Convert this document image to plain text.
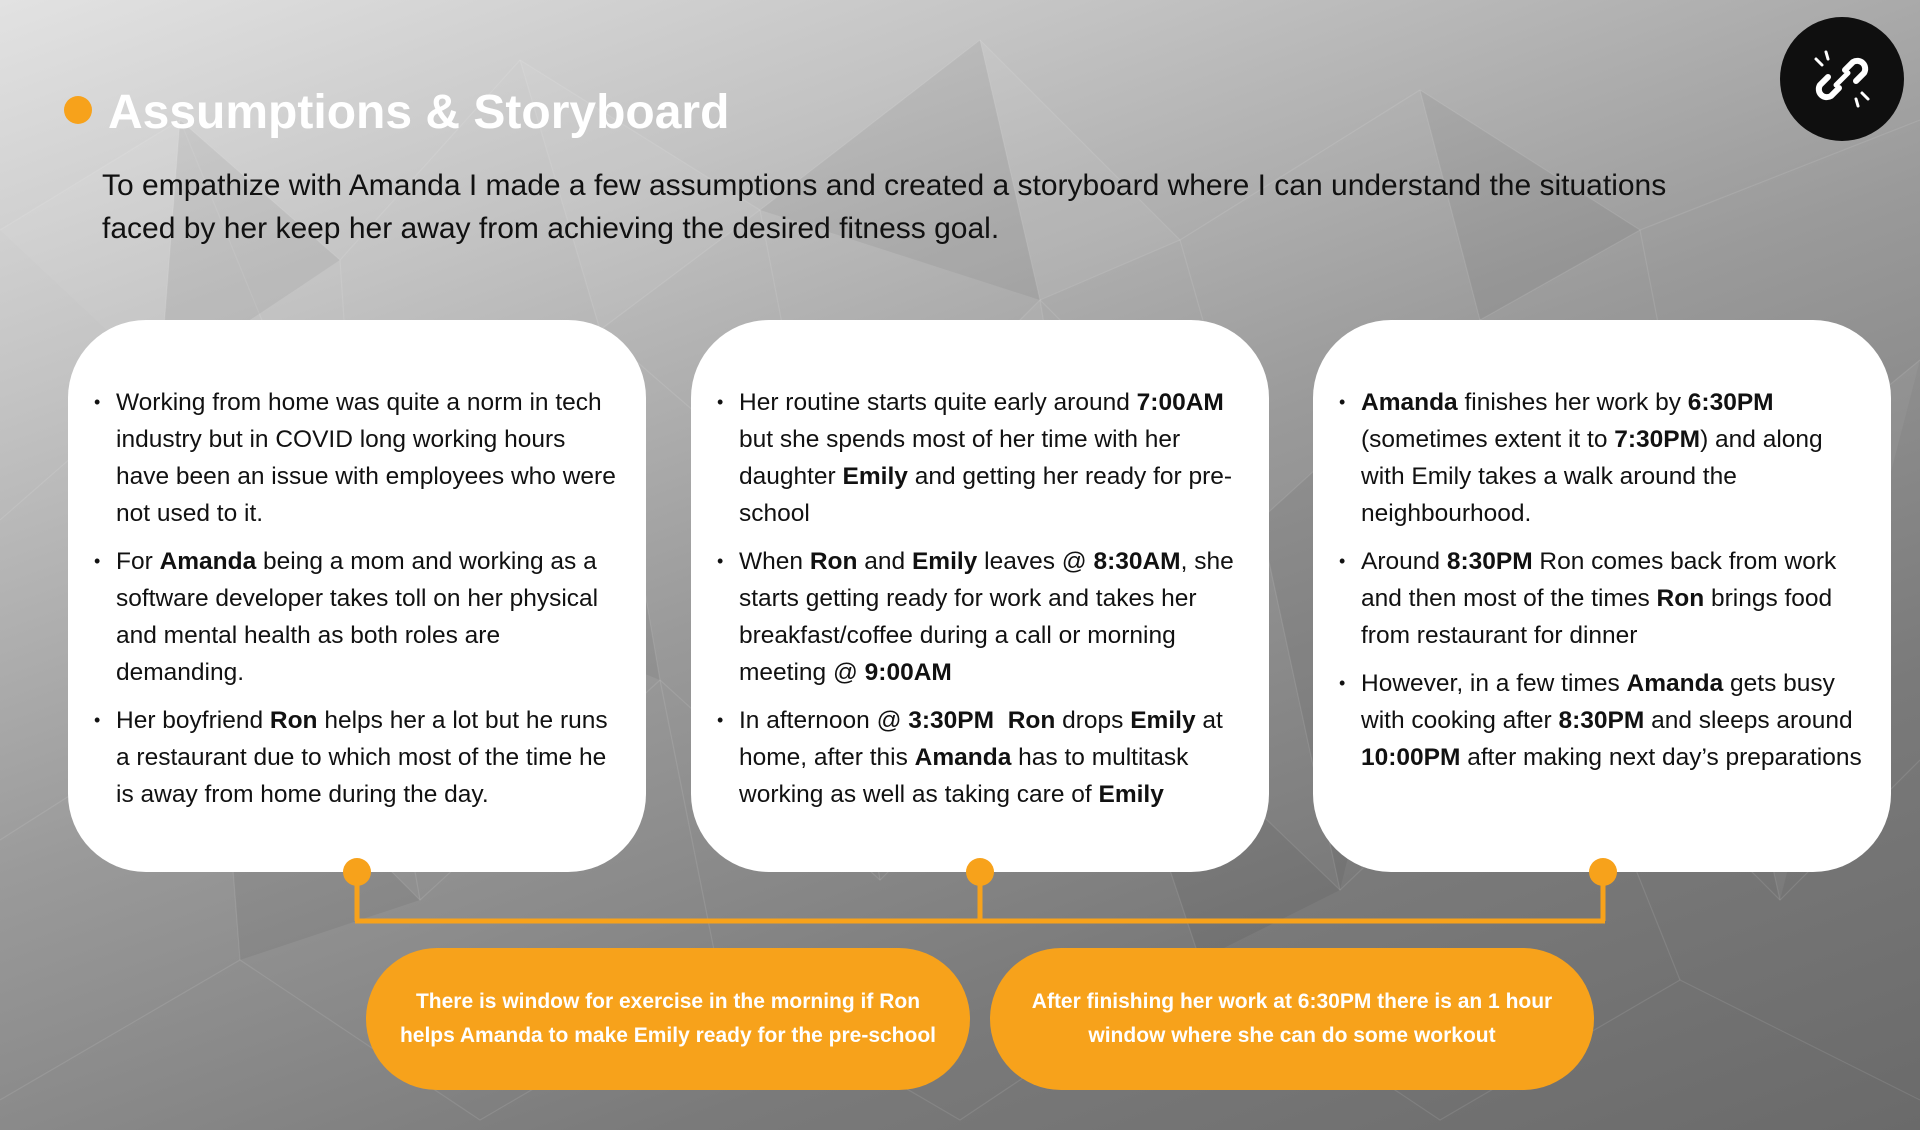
Assumptions & Storyboard
To empathize with Amanda I made a few assumptions and created a storyboard where I can understand the situations faced by her keep her away from achieving the desired fitness goal.
• Working from home was quite a norm in tech industry but in COVID long working hours have been an issue with employees who were not used to it.
• For Amanda being a mom and working as a software developer takes toll on her physical and mental health as both roles are demanding.
• Her boyfriend Ron helps her a lot but he runs a restaurant due to which most of the time he is away from home during the day.
• Her routine starts quite early around 7:00AM but she spends most of her time with her daughter Emily and getting her ready for pre-school
• When Ron and Emily leaves @ 8:30AM, she starts getting ready for work and takes her breakfast/coffee during a call or morning meeting @ 9:00AM
• In afternoon @ 3:30PM Ron drops Emily at home, after this Amanda has to multitask working as well as taking care of Emily
• Amanda finishes her work by 6:30PM (sometimes extent it to 7:30PM) and along with Emily takes a walk around the neighbourhood.
• Around 8:30PM Ron comes back from work and then most of the times Ron brings food from restaurant for dinner
• However, in a few times Amanda gets busy with cooking after 8:30PM and sleeps around 10:00PM after making next day’s preparations
There is window for exercise in the morning if Ron helps Amanda to make Emily ready for the pre-school
After finishing her work at 6:30PM there is an 1 hour window where she can do some workout
